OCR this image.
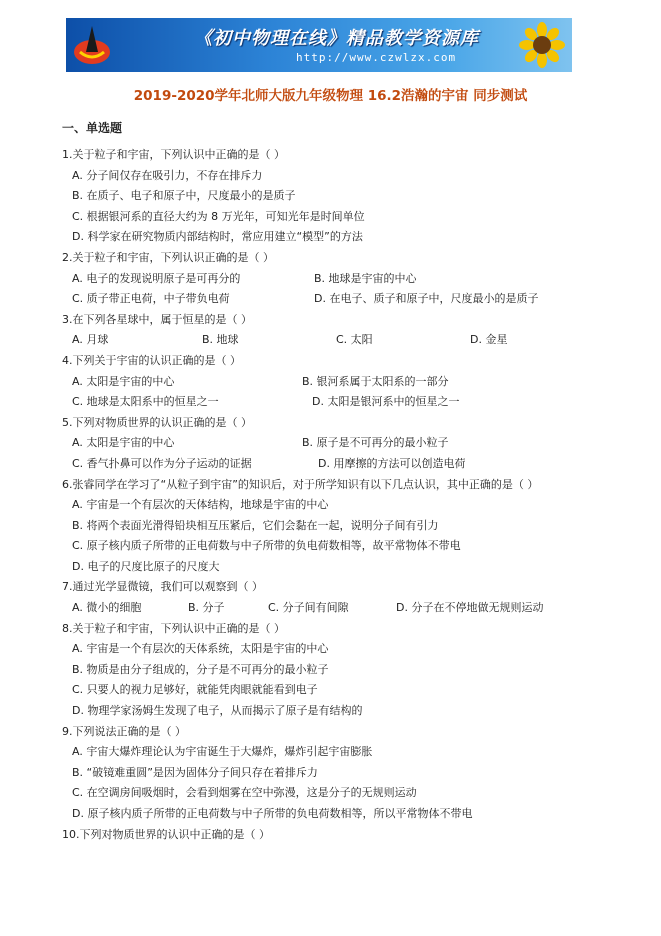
《初中物理在线》精品教学资源库
http://www.czwlzx.com
2019-2020学年北师大版九年级物理 16.2浩瀚的宇宙 同步测试
一、单选题
1.关于粒子和宇宙，下列认识中正确的是（ ）
A. 分子间仅存在吸引力，不存在排斥力
B. 在质子、电子和原子中，尺度最小的是质子
C. 根据银河系的直径大约为 8 万光年，可知光年是时间单位
D. 科学家在研究物质内部结构时，常应用建立“模型”的方法
2.关于粒子和宇宙，下列认识正确的是（ ）
A. 电子的发现说明原子是可再分的	B. 地球是宇宙的中心
C. 质子带正电荷，中子带负电荷	D. 在电子、质子和原子中，尺度最小的是质子
3.在下列各星球中，属于恒星的是（ ）
A. 月球	B. 地球	C. 太阳	D. 金星
4.下列关于宇宙的认识正确的是（ ）
A. 太阳是宇宙的中心	B. 银河系属于太阳系的一部分
C. 地球是太阳系中的恒星之一	D. 太阳是银河系中的恒星之一
5.下列对物质世界的认识正确的是（ ）
A. 太阳是宇宙的中心	B. 原子是不可再分的最小粒子
C. 香气扑鼻可以作为分子运动的证据	D. 用摩擦的方法可以创造电荷
6.张睿同学在学习了“从粒子到宇宙”的知识后，对于所学知识有以下几点认识，其中正确的是（ ）
A. 宇宙是一个有层次的天体结构，地球是宇宙的中心
B. 将两个表面光滑得铅块相互压紧后，它们会黏在一起，说明分子间有引力
C. 原子核内质子所带的正电荷数与中子所带的负电荷数相等，故平常物体不带电
D. 电子的尺度比原子的尺度大
7.通过光学显微镜，我们可以观察到（ ）
A. 微小的细胞	B. 分子	C. 分子间有间隙	D. 分子在不停地做无规则运动
8.关于粒子和宇宙，下列认识中正确的是（ ）
A. 宇宙是一个有层次的天体系统，太阳是宇宙的中心
B. 物质是由分子组成的，分子是不可再分的最小粒子
C. 只要人的视力足够好，就能凭肉眼就能看到电子
D. 物理学家汤姆生发现了电子，从而揭示了原子是有结构的
9.下列说法正确的是（ ）
A. 宇宙大爆炸理论认为宇宙诞生于大爆炸，爆炸引起宇宙膨胀
B. “破镜难重圆”是因为固体分子间只存在着排斥力
C. 在空调房间吸烟时，会看到烟雾在空中弥漫，这是分子的无规则运动
D. 原子核内质子所带的正电荷数与中子所带的负电荷数相等，所以平常物体不带电
10.下列对物质世界的认识中正确的是（ ）
